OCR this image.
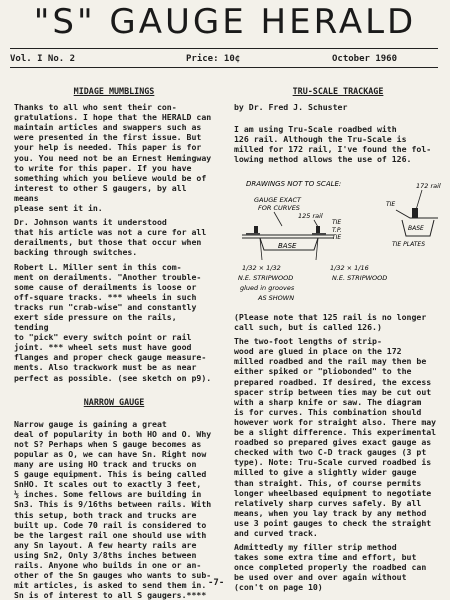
"S" GAUGE HERALD
Vol. I No. 2	Price: 10¢	October 1960
MIDAGE MUMBLINGS

Thanks to all who sent their con-
gratulations. I hope that the HERALD can
maintain articles and swappers such as
were presented in the first issue. But
your help is needed. This paper is for
you. You need not be an Ernest Hemingway
to write for this paper. If you have
something which you believe would be of
interest to other S gaugers, by all means
please sent it in.

Dr. Johnson wants it understood
that his article was not a cure for all
derailments, but those that occur when
backing through switches.

Robert L. Miller sent in this com-
ment on derailments. "Another trouble-
some cause of derailments is loose or
off-square tracks. *** wheels in such
tracks run "crab-wise" and constantly
exert side pressure on the rails, tending
to "pick" every switch point or rail
joint. *** wheel sets must have good
flanges and proper check gauge measure-
ments. Also trackwork must be as near
perfect as possible. (see sketch on p9).

NARROW GAUGE

Narrow gauge is gaining a great
deal of popularity in both HO and O. Why
not S? Perhaps when S gauge becomes as
popular as O, we can have Sn. Right now
many are using HO track and trucks on
S gauge equipment. This is being called
SnHO. It scales out to exactly 3 feet,
½ inches. Some fellows are building in
Sn3. This is 9/16ths between rails. With
this setup, both track and trucks are
built up. Code 70 rail is considered to
be the largest rail one should use with
any Sn layout. A few hearty rails are
using Sn2, Only 3/8ths inches between
rails. Anyone who builds in one or an-
other of the Sn gauges who wants to sub-
mit articles, is asked to send them in.
Sn is of interest to all S gaugers.****

TRU-SCALE TRACKAGE
by Dr. Fred J. Schuster

I am using Tru-Scale roadbed with
126 rail. Although the Tru-Scale is
milled for 172 rail, I've found the fol-
lowing method allows the use of 126.

DRAWINGS NOT TO SCALE:
GAUGE EXACT
FOR CURVES
125 rail
TIE
T.P.
TIE
BASE
1/32 × 1/32	1/32 × 1/16
N.E. STRIPWOOD	N.E. STRIPWOOD
glued in grooves
AS SHOWN
172 rail
TIE
BASE
TIE PLATES

(Please note that 125 rail is no longer
call such, but is called 126.)

The two-foot lengths of strip-
wood are glued in place on the 172
milled roadbed and the rail may then be
either spiked or "pliobonded" to the
prepared roadbed. If desired, the excess
spacer strip between ties may be cut out
with a sharp knife or saw. The diagram
is for curves. This combination should
however work for straight also. There may
be a slight difference. This experimental
roadbed so prepared gives exact gauge as
checked with two C-D track gauges (3 pt
type). Note: Tru-Scale curved roadbed is
milled to give a slightly wider gauge
than straight. This, of course permits
longer wheelbased equipment to negotiate
relatively sharp curves safely. By all
means, when you lay track by any method
use 3 point gauges to check the straight
and curved track.

Admittedly my filler strip method
takes some extra time and effort, but
once completed properly the roadbed can
be used over and over again without
(con't on page 10)

-7-
